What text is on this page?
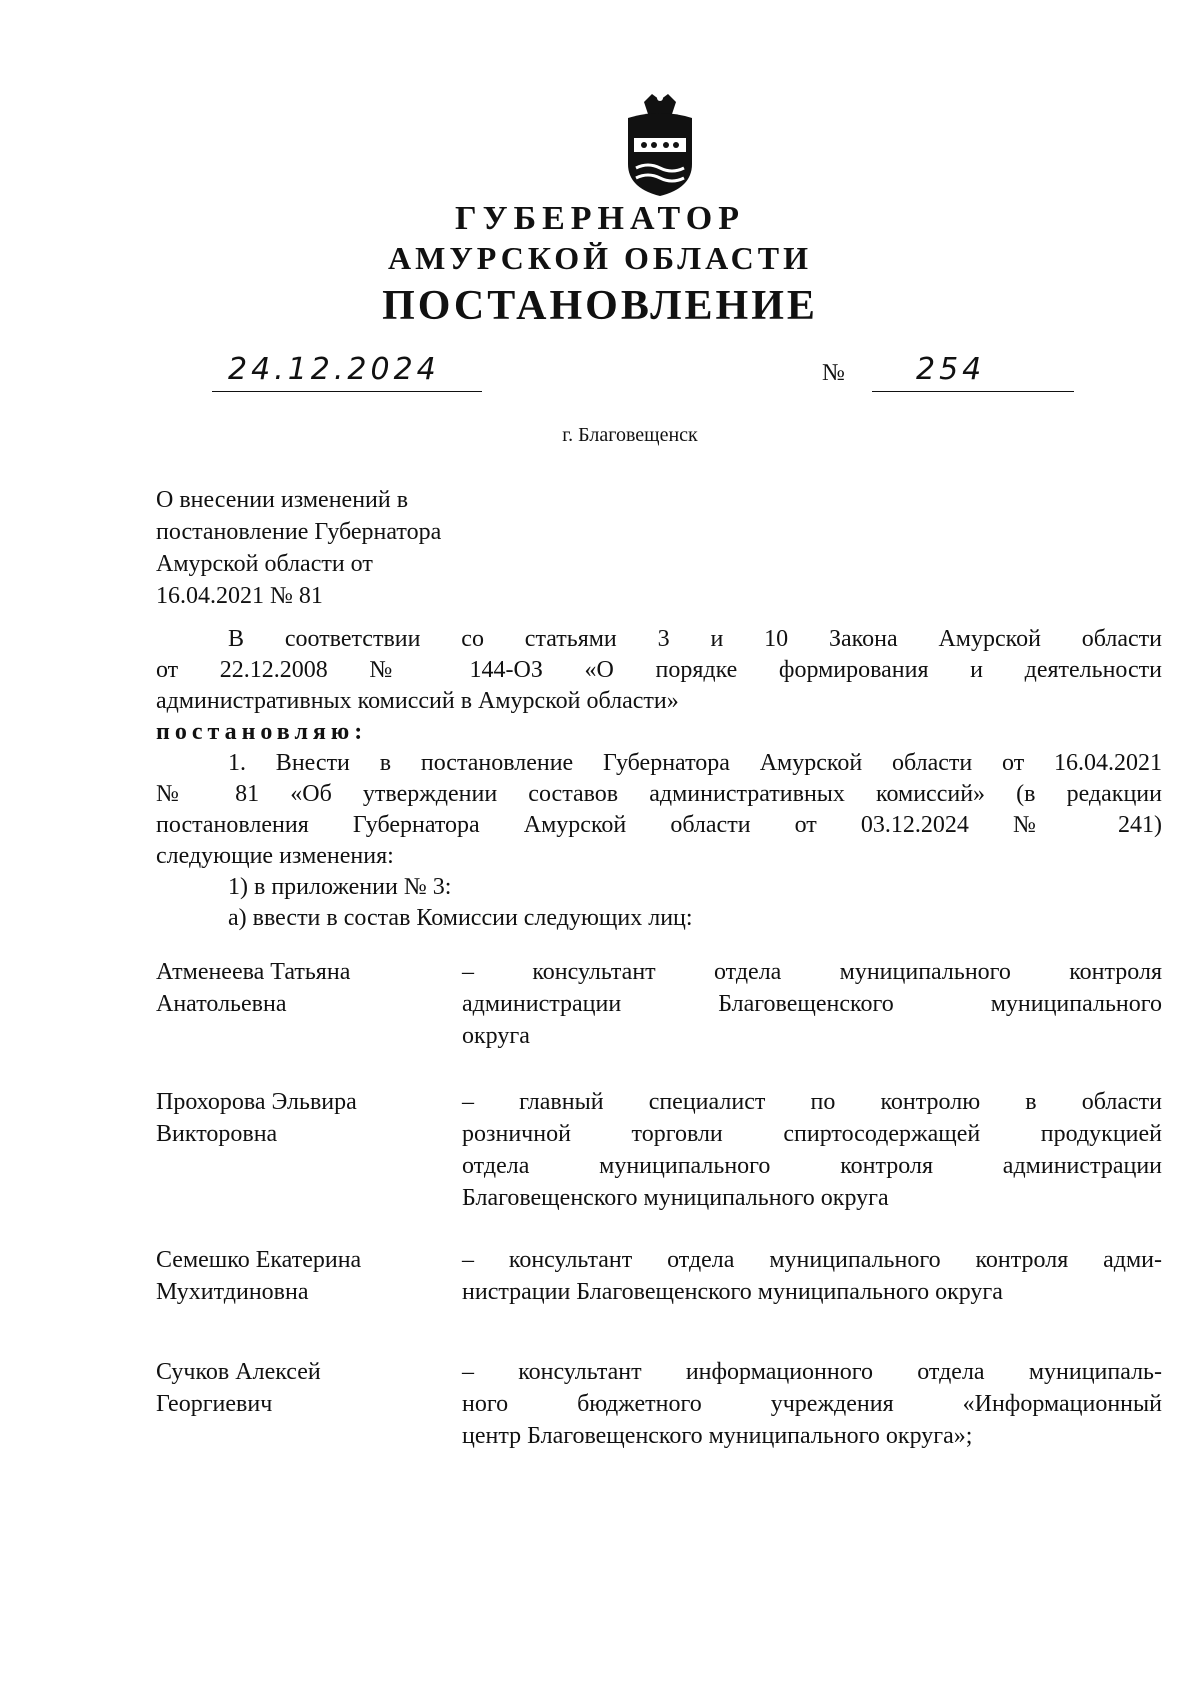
ГУБЕРНАТОР
АМУРСКОЙ ОБЛАСТИ
ПОСТАНОВЛЕНИЕ
24.12.2024	№	254
г. Благовещенск
О внесении изменений в
постановление Губернатора
Амурской области от
16.04.2021 № 81
В соответствии со статьями 3 и 10 Закона Амурской области
от 22.12.2008 № 144-ОЗ «О порядке формирования и деятельности
административных комиссий в Амурской области»
постановляю:
1. Внести в постановление Губернатора Амурской области от 16.04.2021
№ 81 «Об утверждении составов административных комиссий» (в редакции
постановления Губернатора Амурской области от 03.12.2024 № 241)
следующие изменения:
1) в приложении № 3:
а) ввести в состав Комиссии следующих лиц:
Атменеева Татьяна
Анатольевна
– консультант отдела муниципального контроля
администрации Благовещенского муниципального
округа
Прохорова Эльвира
Викторовна
– главный специалист по контролю в области
розничной торговли спиртосодержащей продукцией
отдела муниципального контроля администрации
Благовещенского муниципального округа
Семешко Екатерина
Мухитдиновна
– консультант отдела муниципального контроля адми-
нистрации Благовещенского муниципального округа
Сучков Алексей
Георгиевич
– консультант информационного отдела муниципаль-
ного бюджетного учреждения «Информационный
центр Благовещенского муниципального округа»;
